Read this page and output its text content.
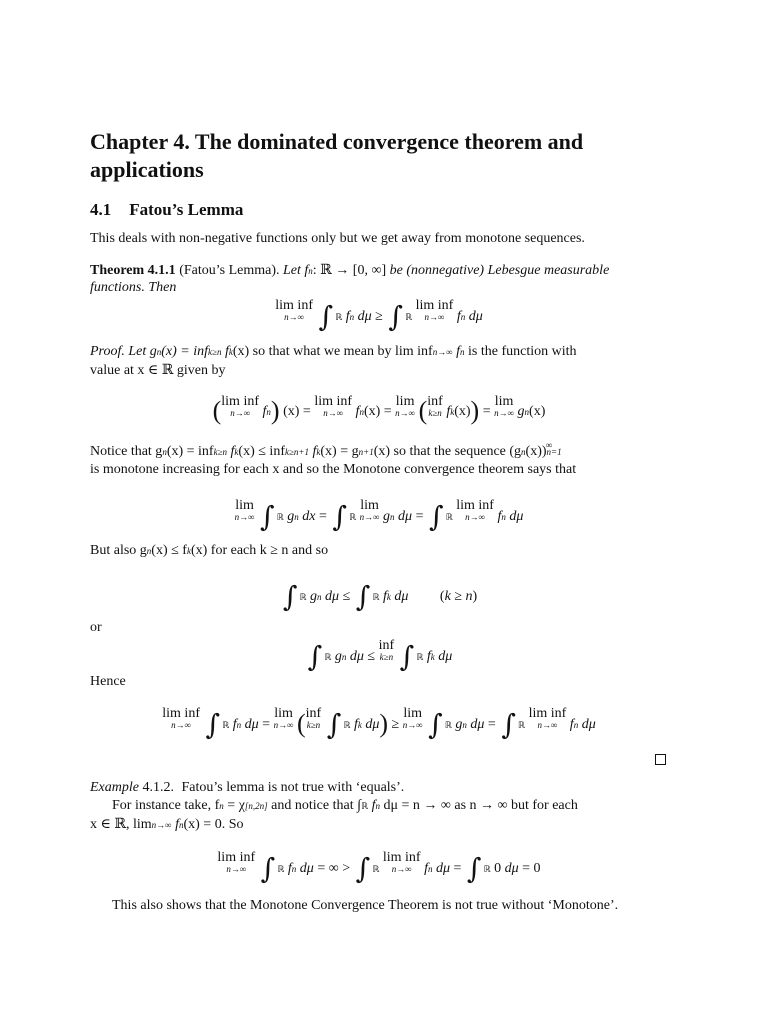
Chapter 4. The dominated convergence theorem and applications
4.1 Fatou’s Lemma
This deals with non-negative functions only but we get away from monotone sequences.
Theorem 4.1.1 (Fatou’s Lemma). Let fn: ℝ → [0, ∞] be (nonnegative) Lebesgue measurable
functions. Then
lim inf
n→∞ ∫ ℝ fn dμ ≥ ∫ ℝ lim inf
n→∞ fn dμ
Proof. Let gn(x) = infk≥n fk(x) so that what we mean by lim infn→∞ fn is the function with
value at x ∈ ℝ given by
(lim inf
n→∞ fn) (x) = lim inf
n→∞ fn(x) = lim
n→∞ (inf
k≥n fk(x)) = lim
n→∞ gn(x)
Notice that gn(x) = infk≥n fk(x) ≤ infk≥n+1 fk(x) = gn+1(x) so that the sequence (gn(x))n=1∞
is monotone increasing for each x and so the Monotone convergence theorem says that
lim
n→∞ ∫ ℝ gn dx = ∫ ℝ lim
n→∞ gn dμ = ∫ ℝ lim inf
n→∞ fn dμ
But also gn(x) ≤ fk(x) for each k ≥ n and so
∫ ℝ gn dμ ≤ ∫ ℝ fk dμ (k ≥ n)
or
∫ ℝ gn dμ ≤ inf
k≥n ∫ ℝ fk dμ
Hence
lim inf
n→∞ ∫ ℝ fn dμ = lim
n→∞ (inf
k≥n ∫ ℝ fk dμ) ≥ lim
n→∞ ∫ ℝ gn dμ = ∫ ℝ lim inf
n→∞ fn dμ
Example 4.1.2. Fatou’s lemma is not true with ‘equals’.
For instance take, fn = χ[n,2n] and notice that ∫ℝ fn dμ = n → ∞ as n → ∞ but for each
x ∈ ℝ, limn→∞ fn(x) = 0. So
lim inf
n→∞ ∫ ℝ fn dμ = ∞ > ∫ ℝ lim inf
n→∞ fn dμ = ∫ ℝ 0 dμ = 0
This also shows that the Monotone Convergence Theorem is not true without ‘Monotone’.
